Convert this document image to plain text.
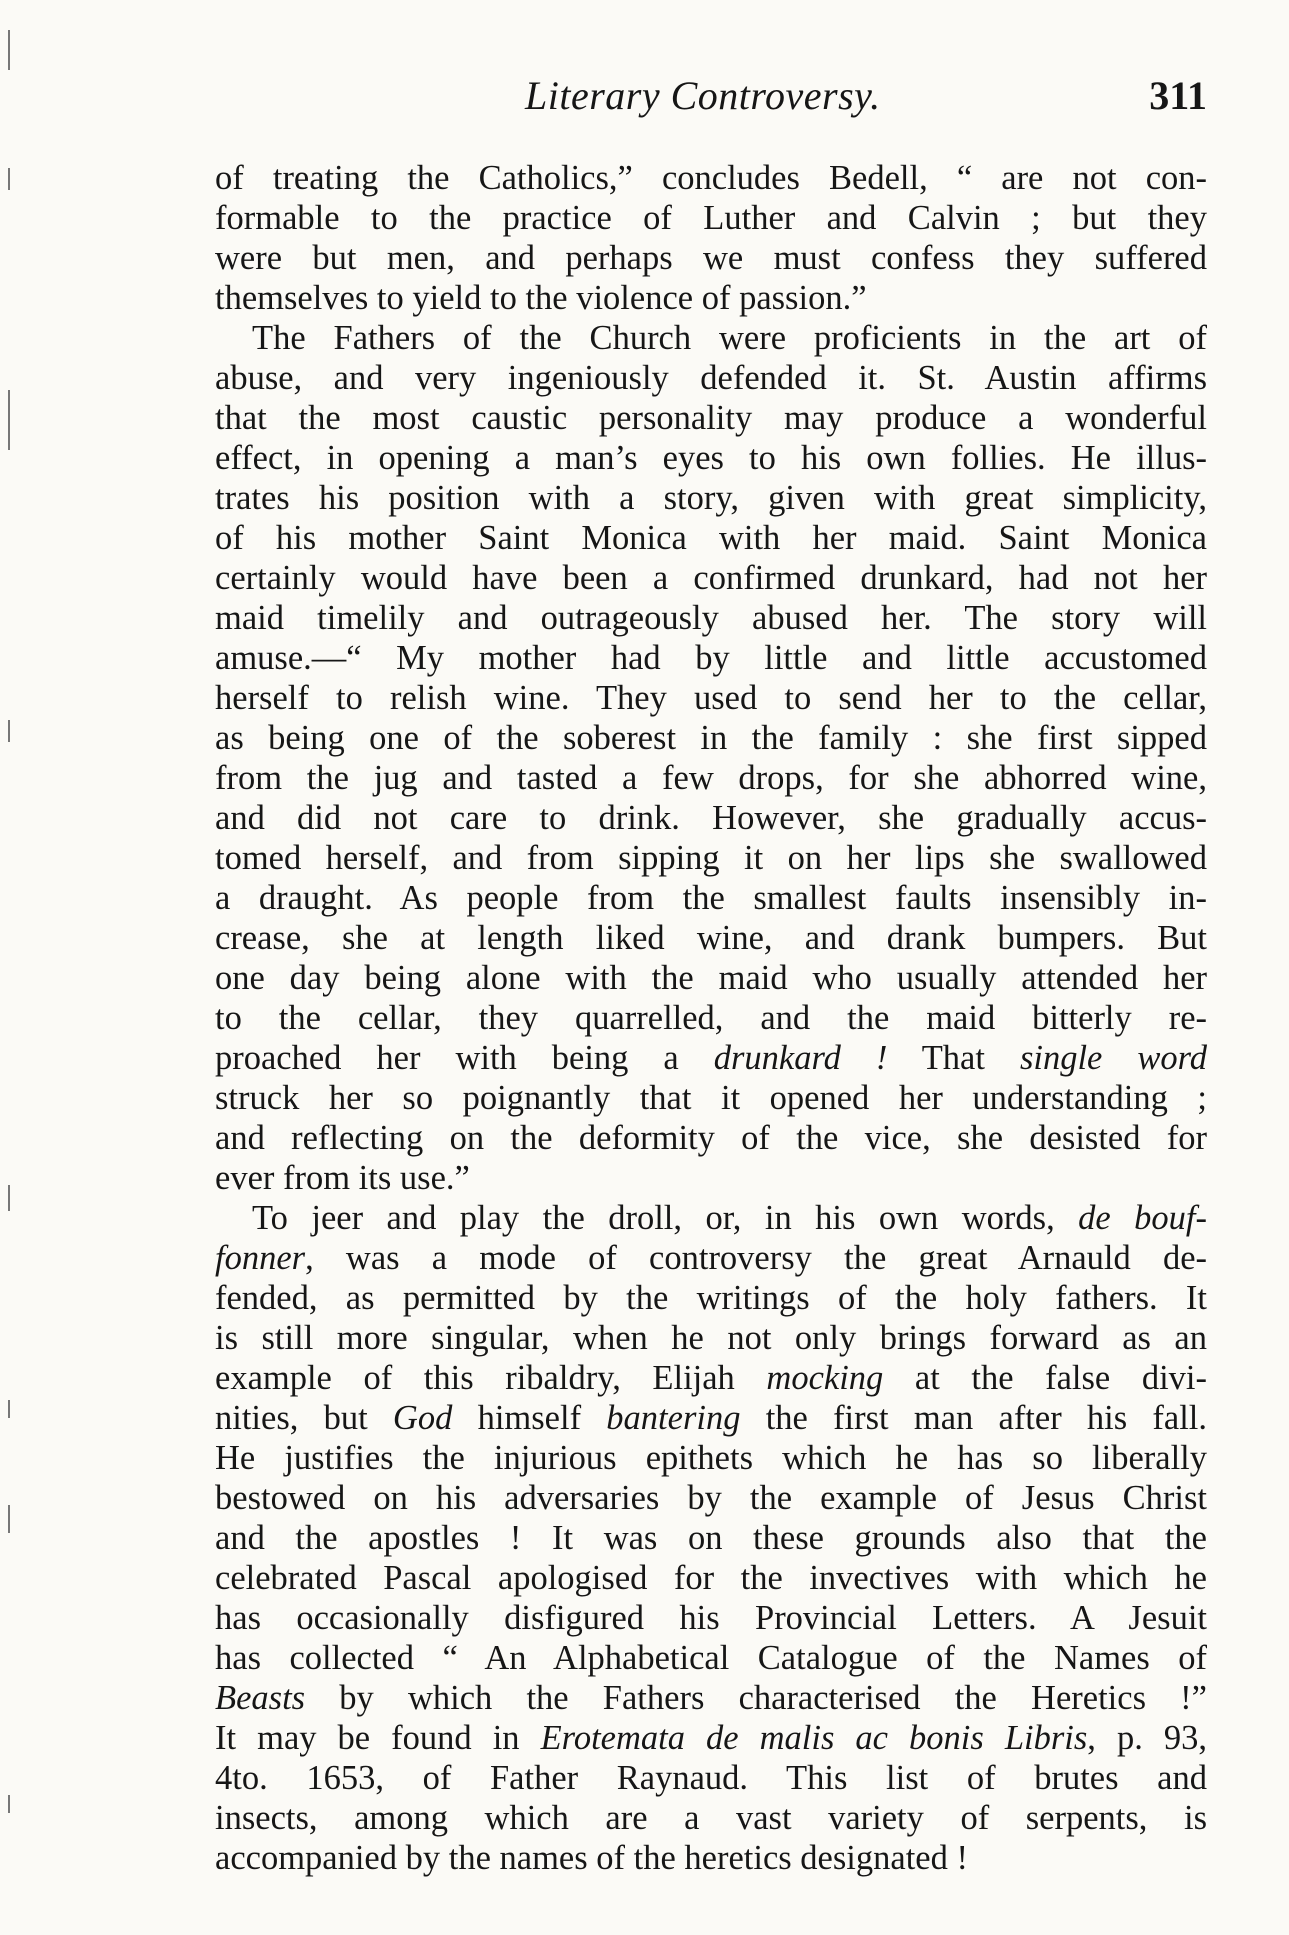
Literary Controversy.	311
of treating the Catholics,” concludes Bedell, “ are not con-
formable to the practice of Luther and Calvin ; but they
were but men, and perhaps we must confess they suffered
themselves to yield to the violence of passion.”
The Fathers of the Church were proficients in the art of
abuse, and very ingeniously defended it. St. Austin affirms
that the most caustic personality may produce a wonderful
effect, in opening a man’s eyes to his own follies. He illus-
trates his position with a story, given with great simplicity,
of his mother Saint Monica with her maid. Saint Monica
certainly would have been a confirmed drunkard, had not her
maid timelily and outrageously abused her. The story will
amuse.—“ My mother had by little and little accustomed
herself to relish wine. They used to send her to the cellar,
as being one of the soberest in the family : she first sipped
from the jug and tasted a few drops, for she abhorred wine,
and did not care to drink. However, she gradually accus-
tomed herself, and from sipping it on her lips she swallowed
a draught. As people from the smallest faults insensibly in-
crease, she at length liked wine, and drank bumpers. But
one day being alone with the maid who usually attended her
to the cellar, they quarrelled, and the maid bitterly re-
proached her with being a drunkard ! That single word
struck her so poignantly that it opened her understanding ;
and reflecting on the deformity of the vice, she desisted for
ever from its use.”
To jeer and play the droll, or, in his own words, de bouf-
fonner, was a mode of controversy the great Arnauld de-
fended, as permitted by the writings of the holy fathers. It
is still more singular, when he not only brings forward as an
example of this ribaldry, Elijah mocking at the false divi-
nities, but God himself bantering the first man after his fall.
He justifies the injurious epithets which he has so liberally
bestowed on his adversaries by the example of Jesus Christ
and the apostles ! It was on these grounds also that the
celebrated Pascal apologised for the invectives with which he
has occasionally disfigured his Provincial Letters. A Jesuit
has collected “ An Alphabetical Catalogue of the Names of
Beasts by which the Fathers characterised the Heretics !”
It may be found in Erotemata de malis ac bonis Libris, p. 93,
4to. 1653, of Father Raynaud. This list of brutes and
insects, among which are a vast variety of serpents, is
accompanied by the names of the heretics designated !
